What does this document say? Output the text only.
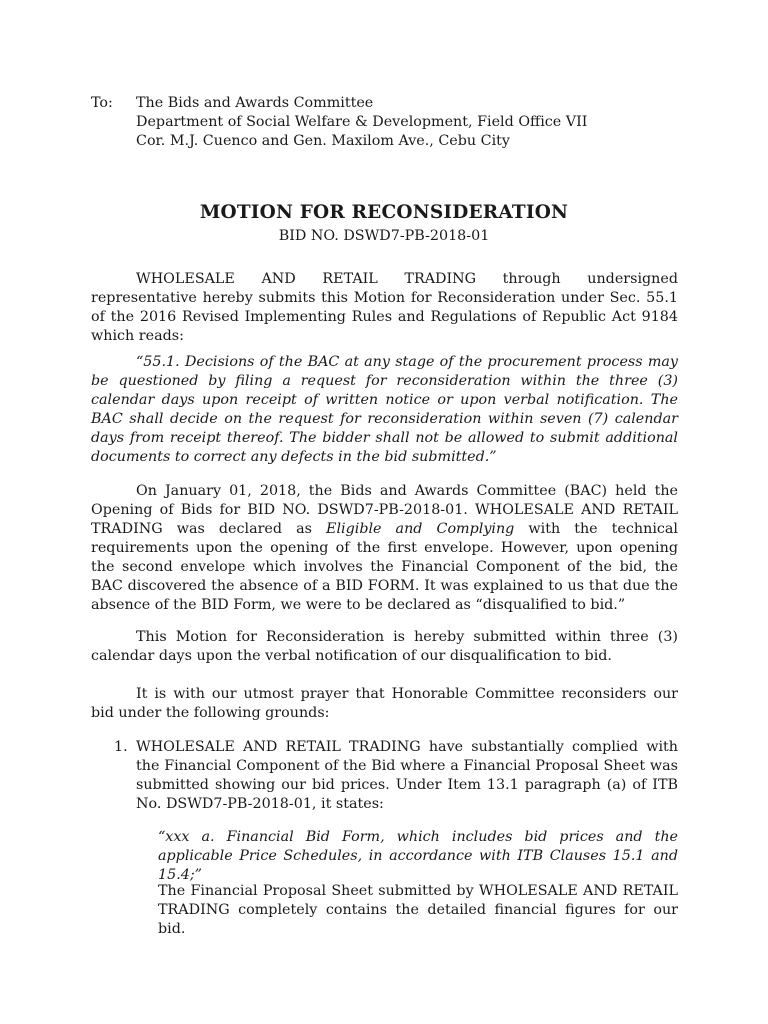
To:	The Bids and Awards Committee
Department of Social Welfare & Development, Field Office VII
Cor. M.J. Cuenco and Gen. Maxilom Ave., Cebu City
MOTION FOR RECONSIDERATION
BID NO. DSWD7-PB-2018-01
WHOLESALE AND RETAIL TRADING through undersigned representative hereby submits this Motion for Reconsideration under Sec. 55.1 of the 2016 Revised Implementing Rules and Regulations of Republic Act 9184 which reads:
“55.1. Decisions of the BAC at any stage of the procurement process may be questioned by filing a request for reconsideration within the three (3) calendar days upon receipt of written notice or upon verbal notification. The BAC shall decide on the request for reconsideration within seven (7) calendar days from receipt thereof. The bidder shall not be allowed to submit additional documents to correct any defects in the bid submitted.”
On January 01, 2018, the Bids and Awards Committee (BAC) held the Opening of Bids for BID NO. DSWD7-PB-2018-01. WHOLESALE AND RETAIL TRADING was declared as Eligible and Complying with the technical requirements upon the opening of the first envelope. However, upon opening the second envelope which involves the Financial Component of the bid, the BAC discovered the absence of a BID FORM. It was explained to us that due the absence of the BID Form, we were to be declared as “disqualified to bid.”
This Motion for Reconsideration is hereby submitted within three (3) calendar days upon the verbal notification of our disqualification to bid.
It is with our utmost prayer that Honorable Committee reconsiders our bid under the following grounds:
1. WHOLESALE AND RETAIL TRADING have substantially complied with the Financial Component of the Bid where a Financial Proposal Sheet was submitted showing our bid prices. Under Item 13.1 paragraph (a) of ITB No. DSWD7-PB-2018-01, it states:
“xxx a. Financial Bid Form, which includes bid prices and the applicable Price Schedules, in accordance with ITB Clauses 15.1 and 15.4;”
The Financial Proposal Sheet submitted by WHOLESALE AND RETAIL TRADING completely contains the detailed financial figures for our bid.
